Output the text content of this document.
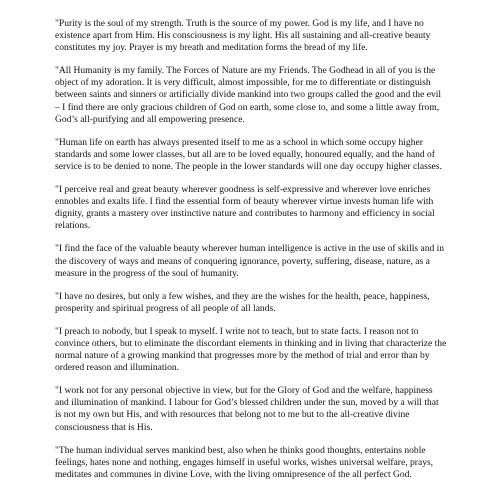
"Purity is the soul of my strength. Truth is the source of my power. God is my life, and I have no existence apart from Him. His consciousness is my light. His all sustaining and all-creative beauty constitutes my joy. Prayer is my breath and meditation forms the bread of my life.

"All Humanity is my family. The Forces of Nature are my Friends. The Godhead in all of you is the object of my adoration. It is very difficult, almost impossible, for me to differentiate or distinguish between saints and sinners or artificially divide mankind into two groups called the good and the evil – I find there are only gracious children of God on earth, some close to, and some a little away from, God’s all-purifying and all empowering presence.

"Human life on earth has always presented itself to me as a school in which some occupy higher standards and some lower classes, but all are to be loved equally, honoured equally, and the hand of service is to be denied to none. The people in the lower standards will one day occupy higher classes.

"I perceive real and great beauty wherever goodness is self-expressive and wherever love enriches ennobles and exalts life. I find the essential form of beauty wherever virtue invests human life with dignity, grants a mastery over instinctive nature and contributes to harmony and efficiency in social relations.

"I find the face of the valuable beauty wherever human intelligence is active in the use of skills and in the discovery of ways and means of conquering ignorance, poverty, suffering, disease, nature, as a measure in the progress of the soul of humanity.

"I have no desires, but only a few wishes, and they are the wishes for the health, peace, happiness, prosperity and spiritual progress of all people of all lands.

"I preach to nobody, but I speak to myself. I write not to teach, but to state facts. I reason not to convince others, but to eliminate the discordant elements in thinking and in living that characterize the normal nature of a growing mankind that progresses more by the method of trial and error than by ordered reason and illumination.

"I work not for any personal objective in view, but for the Glory of God and the welfare, happiness and illumination of mankind. I labour for God’s blessed children under the sun, moved by a will that is not my own but His, and with resources that belong not to me but to the all-creative divine consciousness that is His.

"The human individual serves mankind best, also when he thinks good thoughts, entertains noble feelings, hates none and nothing, engages himself in useful works, wishes universal welfare, prays, meditates and communes in divine Love, with the living omnipresence of the all perfect God.
